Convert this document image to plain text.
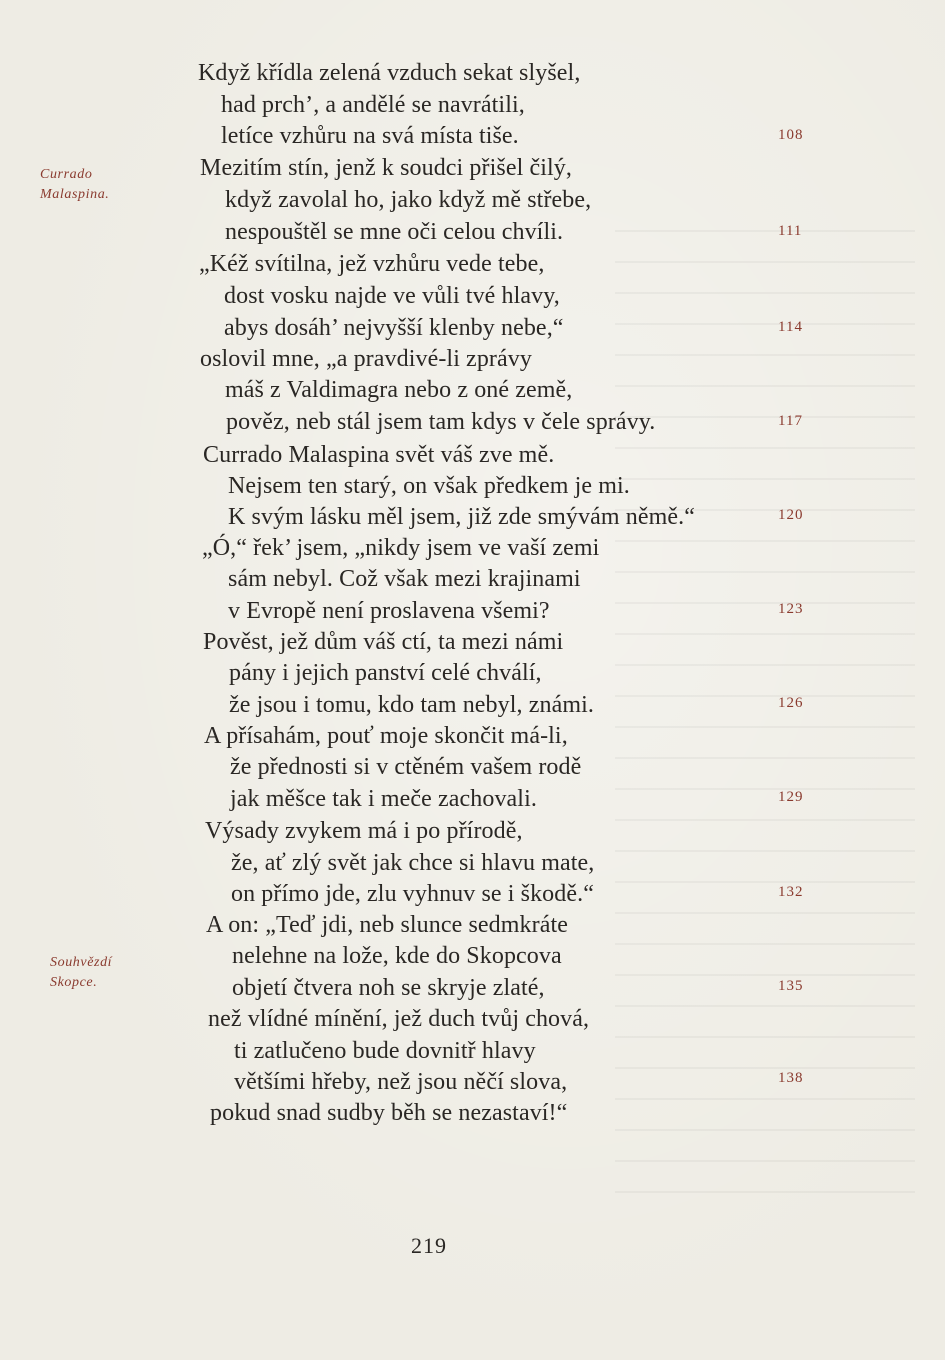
Currado
Malaspina.
Souhvězdí
Skopce.
Když křídla zelená vzduch sekat slyšel,
had prch’, a andělé se navrátili,
letíce vzhůru na svá místa tiše.
Mezitím stín, jenž k soudci přišel čilý,
když zavolal ho, jako když mě střebe,
nespouštěl se mne oči celou chvíli.
„Kéž svítilna, jež vzhůru vede tebe,
dost vosku najde ve vůli tvé hlavy,
abys dosáh’ nejvyšší klenby nebe,“
oslovil mne, „a pravdivé-li zprávy
máš z Valdimagra nebo z oné země,
pověz, neb stál jsem tam kdys v čele správy.
Currado Malaspina svět váš zve mě.
Nejsem ten starý, on však předkem je mi.
K svým lásku měl jsem, již zde smývám němě.“
„Ó,“ řek’ jsem, „nikdy jsem ve vaší zemi
sám nebyl. Což však mezi krajinami
v Evropě není proslavena všemi?
Pověst, jež dům váš ctí, ta mezi námi
pány i jejich panství celé chválí,
že jsou i tomu, kdo tam nebyl, známi.
A přísahám, pouť moje skončit má-li,
že přednosti si v ctěném vašem rodě
jak měšce tak i meče zachovali.
Výsady zvykem má i po přírodě,
že, ať zlý svět jak chce si hlavu mate,
on přímo jde, zlu vyhnuv se i škodě.“
A on: „Teď jdi, neb slunce sedmkráte
nelehne na lože, kde do Skopcova
objetí čtvera noh se skryje zlaté,
než vlídné mínění, jež duch tvůj chová,
ti zatlučeno bude dovnitř hlavy
většími hřeby, než jsou něčí slova,
pokud snad sudby běh se nezastaví!“
108
111
114
117
120
123
126
129
132
135
138
219
